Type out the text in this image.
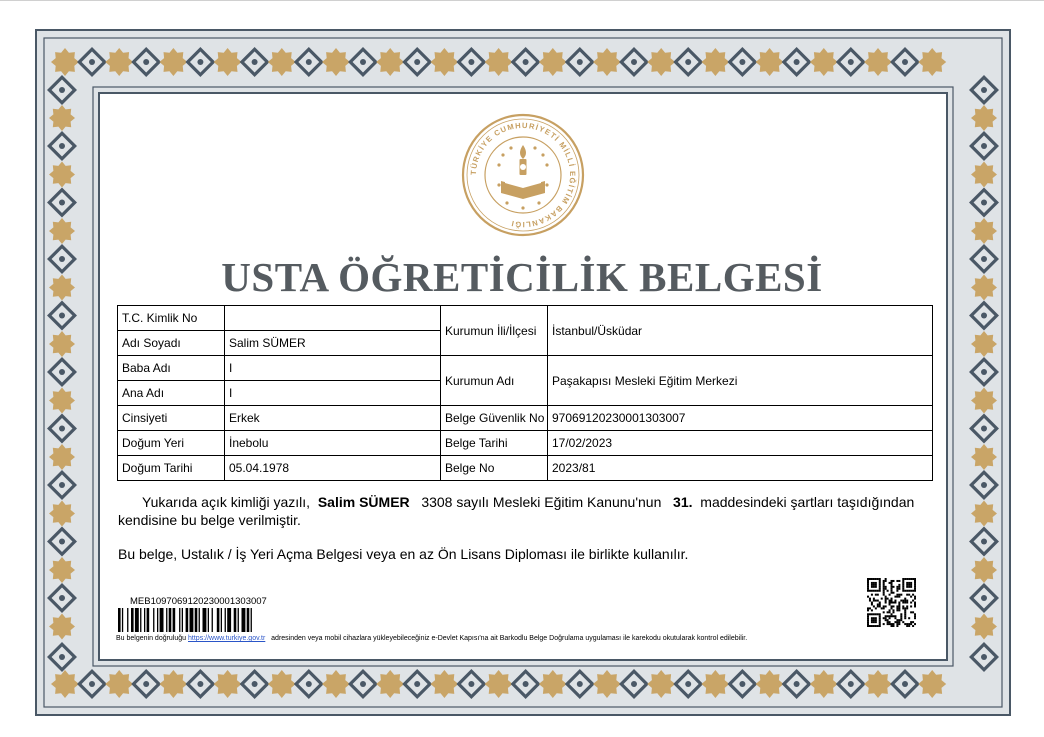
TÜRKİYE CUMHURİYETİ MİLLİ EĞİTİM BAKANLIĞI
USTA ÖĞRETİCİLİK BELGESİ
T.C. Kimlik No		Kurumun İli/İlçesi	İstanbul/Üsküdar
Adı Soyadı	Salim SÜMER		
Baba Adı	I	Kurumun Adı	Paşakapısı Mesleki Eğitim Merkezi
Ana Adı	I		
Cinsiyeti	Erkek	Belge Güvenlik No	97069120230001303007
Doğum Yeri	İnebolu	Belge Tarihi	17/02/2023
Doğum Tarihi	05.04.1978	Belge No	2023/81
Yukarıda açık kimliği yazılı, Salim SÜMER 3308 sayılı Mesleki Eğitim Kanunu'nun 31. maddesindeki şartları taşıdığından kendisine bu belge verilmiştir.
Bu belge, Ustalık / İş Yeri Açma Belgesi veya en az Ön Lisans Diploması ile birlikte kullanılır.
MEB1097069120230001303007
Bu belgenin doğruluğu https://www.turkiye.gov.tr adresinden veya mobil cihazlara yükleyebileceğiniz e-Devlet Kapısı'na ait Barkodlu Belge Doğrulama uygulaması ile karekodu okutularak kontrol edilebilir.
